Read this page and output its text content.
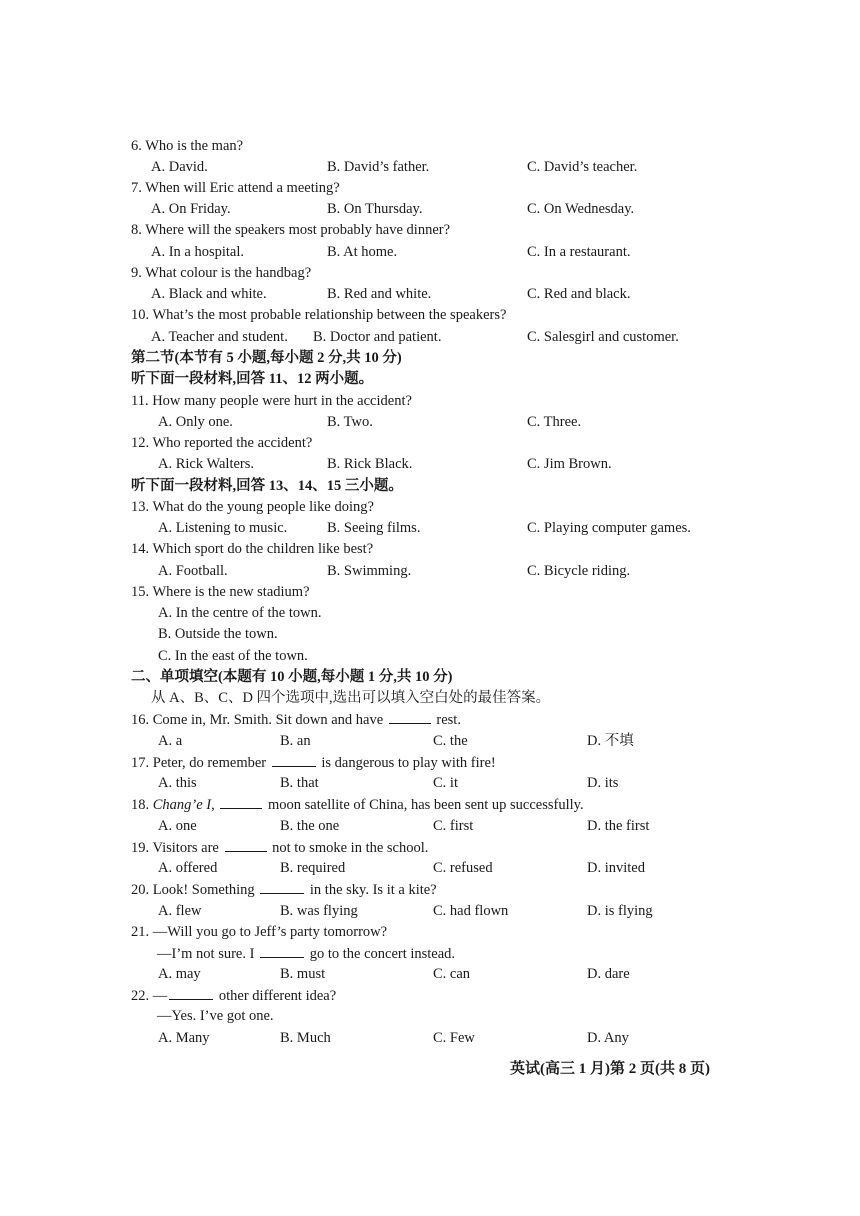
6. Who is the man?
A. David.	B. David’s father.	C. David’s teacher.
7. When will Eric attend a meeting?
A. On Friday.	B. On Thursday.	C. On Wednesday.
8. Where will the speakers most probably have dinner?
A. In a hospital.	B. At home.	C. In a restaurant.
9. What colour is the handbag?
A. Black and white.	B. Red and white.	C. Red and black.
10. What’s the most probable relationship between the speakers?
A. Teacher and student. B. Doctor and patient.	C. Salesgirl and customer.
第二节(本节有 5 小题,每小题 2 分,共 10 分)
听下面一段材料,回答 11、12 两小题。
11. How many people were hurt in the accident?
A. Only one.	B. Two.	C. Three.
12. Who reported the accident?
A. Rick Walters.	B. Rick Black.	C. Jim Brown.
听下面一段材料,回答 13、14、15 三小题。
13. What do the young people like doing?
A. Listening to music.	B. Seeing films.	C. Playing computer games.
14. Which sport do the children like best?
A. Football.	B. Swimming.	C. Bicycle riding.
15. Where is the new stadium?
A. In the centre of the town.
B. Outside the town.
C. In the east of the town.
二、单项填空(本题有 10 小题,每小题 1 分,共 10 分)
从 A、B、C、D 四个选项中,选出可以填入空白处的最佳答案。
16. Come in, Mr. Smith. Sit down and have	rest.
A. a	B. an	C. the	D. 不填
17. Peter, do remember	is dangerous to play with fire!
A. this	B. that	C. it	D. its
18. Chang’e I,	moon satellite of China, has been sent up successfully.
A. one	B. the one	C. first	D. the first
19. Visitors are	not to smoke in the school.
A. offered	B. required	C. refused	D. invited
20. Look! Something	in the sky. Is it a kite?
A. flew	B. was flying	C. had flown	D. is flying
21. —Will you go to Jeff’s party tomorrow?
—I’m not sure. I	go to the concert instead.
A. may	B. must	C. can	D. dare
22. —	other different idea?
—Yes. I’ve got one.
A. Many	B. Much	C. Few	D. Any
英试(高三 1 月)第 2 页(共 8 页)
